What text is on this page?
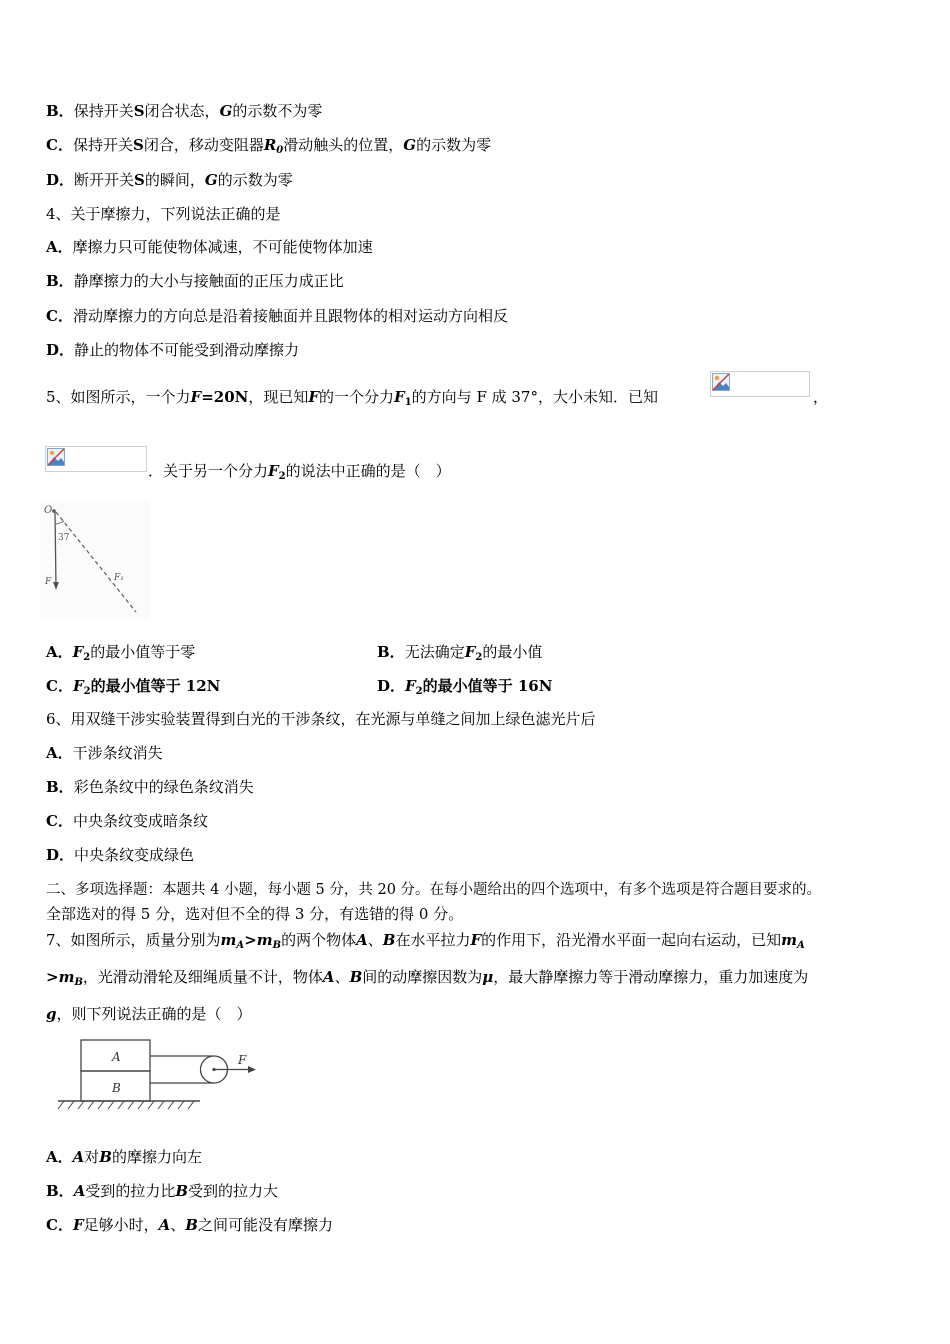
B．保持开关S闭合状态，G的示数不为零
C．保持开关S闭合，移动变阻器$R_0$滑动触头的位置，G的示数为零
D．断开开关S的瞬间，G的示数为零
4、关于摩擦力，下列说法正确的是
A．摩擦力只可能使物体减速，不可能使物体加速
B．静摩擦力的大小与接触面的正压力成正比
C．滑动摩擦力的方向总是沿着接触面并且跟物体的相对运动方向相反
D．静止的物体不可能受到滑动摩擦力
5、如图所示，一个力F=20N，现已知F的一个分力$F_1$的方向与 F 成 37°，大小未知．已知	，
．关于另一个分力$F_2$的说法中正确的是（　）
O
37
F	F₁
A．$F_2$的最小值等于零	B．无法确定$F_2$的最小值
C．$F_2$的最小值等于 12N	D．$F_2$的最小值等于 16N
6、用双缝干涉实验装置得到白光的干涉条纹，在光源与单缝之间加上绿色滤光片后
A．干涉条纹消失
B．彩色条纹中的绿色条纹消失
C．中央条纹变成暗条纹
D．中央条纹变成绿色
二、多项选择题：本题共 4 小题，每小题 5 分，共 20 分。在每小题给出的四个选项中，有多个选项是符合题目要求的。
全部选对的得 5 分，选对但不全的得 3 分，有选错的得 0 分。
7、如图所示，质量分别为$m_A>m_B$的两个物体A、B在水平拉力F的作用下，沿光滑水平面一起向右运动，已知$m_A$
$>m_B$，光滑动滑轮及细绳质量不计，物体A、B间的动摩擦因数为μ，最大静摩擦力等于滑动摩擦力，重力加速度为
g，则下列说法正确的是（　）
A
B
F
A．A对B的摩擦力向左
B．A受到的拉力比B受到的拉力大
C．F足够小时，A、B之间可能没有摩擦力
